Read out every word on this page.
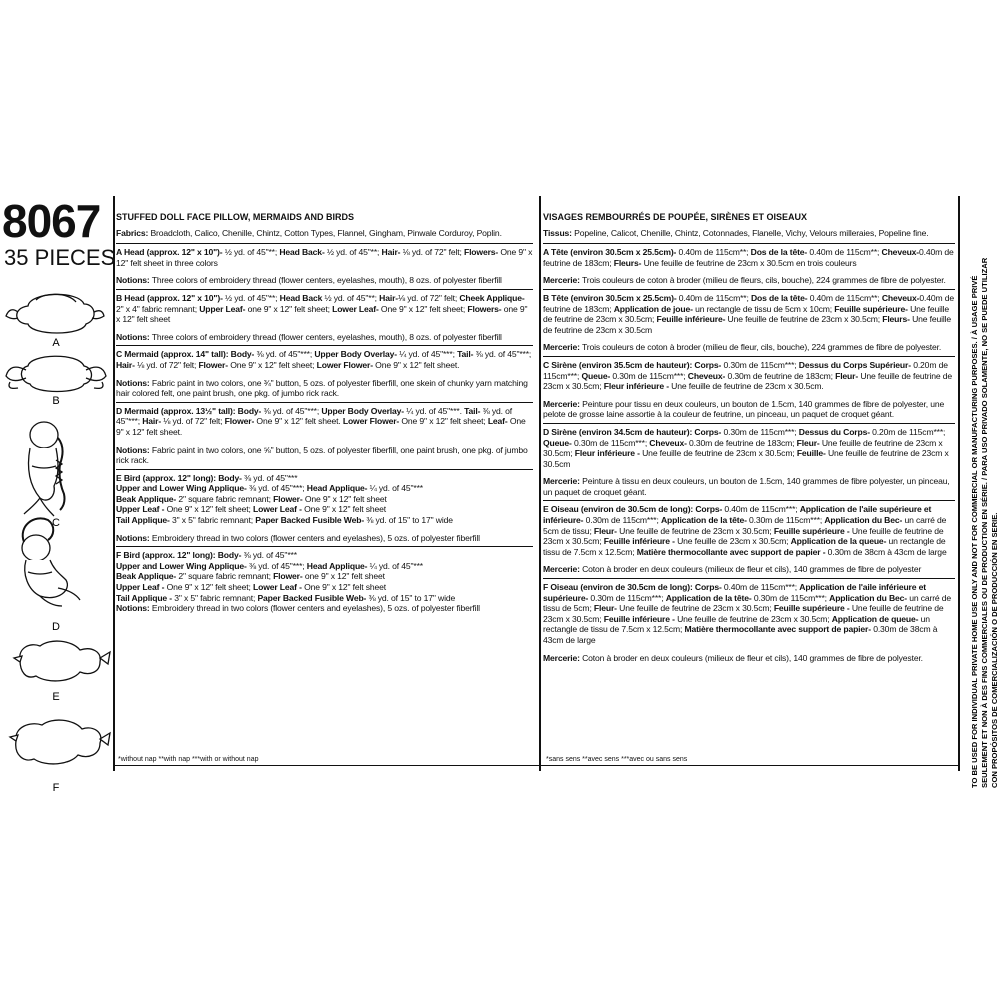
8067
35 PIECES
A
B
C
D
E
F
STUFFED DOLL FACE PILLOW, MERMAIDS AND BIRDS
Fabrics: Broadcloth, Calico, Chenille, Chintz, Cotton Types, Flannel, Gingham, Pinwale Corduroy, Poplin.

A Head (approx. 12" x 10")- ½ yd. of 45"**; Head Back- ½ yd. of 45"**; Hair- ⅛ yd. of 72" felt; Flowers- One 9" x 12" felt sheet in three colors

Notions: Three colors of embroidery thread (flower centers, eyelashes, mouth), 8 ozs. of polyester fiberfill

B Head (approx. 12" x 10")- ½ yd. of 45"**; Head Back ½ yd. of 45"**; Hair-⅛ yd. of 72" felt; Cheek Applique- 2" x 4" fabric remnant; Upper Leaf- one 9" x 12" felt sheet; Lower Leaf- One 9" x 12" felt sheet; Flowers- one 9" x 12" felt sheet

Notions: Three colors of embroidery thread (flower centers, eyelashes, mouth), 8 ozs. of polyester fiberfill

C Mermaid (approx. 14" tall): Body- ⅜ yd. of 45"***; Upper Body Overlay- ¼ yd. of 45"***; Tail- ⅜ yd. of 45"***; Hair- ⅛ yd. of 72" felt; Flower- One 9" x 12" felt sheet; Lower Flower- One 9" x 12" felt sheet.

Notions: Fabric paint in two colors, one ¾" button, 5 ozs. of polyester fiberfill, one skein of chunky yarn matching hair colored felt, one paint brush, one pkg. of jumbo rick rack.

D Mermaid (approx. 13½" tall): Body- ⅜ yd. of 45"***; Upper Body Overlay- ¼ yd. of 45"***. Tail- ⅜ yd. of 45"***; Hair- ⅛ yd. of 72" felt; Flower- One 9" x 12" felt sheet. Lower Flower- One 9" x 12" felt sheet; Leaf- One 9" x 12" felt sheet.

Notions: Fabric paint in two colors, one ⅝" button, 5 ozs. of polyester fiberfill, one paint brush, one pkg. of jumbo rick rack.

E Bird (approx. 12" long): Body- ⅜ yd. of 45"***
Upper and Lower Wing Applique- ⅜ yd. of 45"***; Head Applique- ¼ yd. of 45"***
Beak Applique- 2" square fabric remnant; Flower- One 9" x 12" felt sheet
Upper Leaf - One 9" x 12" felt sheet; Lower Leaf - One 9" x 12" felt sheet
Tail Applique- 3" x 5" fabric remnant; Paper Backed Fusible Web- ⅜ yd. of 15" to 17" wide

Notions: Embroidery thread in two colors (flower centers and eyelashes), 5 ozs. of polyester fiberfill

F Bird (approx. 12" long): Body- ⅜ yd. of 45"***
Upper and Lower Wing Applique- ⅜ yd. of 45"***; Head Applique- ¼ yd. of 45"***
Beak Applique- 2" square fabric remnant; Flower- one 9" x 12" felt sheet
Upper Leaf - One 9" x 12" felt sheet; Lower Leaf - One 9" x 12" felt sheet
Tail Applique - 3" x 5" fabric remnant; Paper Backed Fusible Web- ⅜ yd. of 15" to 17" wide
Notions: Embroidery thread in two colors (flower centers and eyelashes), 5 ozs. of polyester fiberfill

VISAGES REMBOURRÉS DE POUPÉE, SIRÈNES ET OISEAUX
Tissus: Popeline, Calicot, Chenille, Chintz, Cotonnades, Flanelle, Vichy, Velours milleraies, Popeline fine.

A Tête (environ 30.5cm x 25.5cm)- 0.40m de 115cm**; Dos de la tête- 0.40m de 115cm**; Cheveux-0.40m de feutrine de 183cm; Fleurs- Une feuille de feutrine de 23cm x 30.5cm en trois couleurs

Mercerie: Trois couleurs de coton à broder (milieu de fleurs, cils, bouche), 224 grammes de fibre de polyester.

B Tête (environ 30.5cm x 25.5cm)- 0.40m de 115cm**; Dos de la tête- 0.40m de 115cm**; Cheveux-0.40m de feutrine de 183cm; Application de joue- un rectangle de tissu de 5cm x 10cm; Feuille supérieure- Une feuille de feutrine de 23cm x 30.5cm; Feuille inférieure- Une feuille de feutrine de 23cm x 30.5cm; Fleurs- Une feuille de feutrine de 23cm x 30.5cm

Mercerie: Trois couleurs de coton à broder (milieu de fleur, cils, bouche), 224 grammes de fibre de polyester.

C Sirène (environ 35.5cm de hauteur): Corps- 0.30m de 115cm***; Dessus du Corps Supérieur- 0.20m de 115cm***; Queue- 0.30m de 115cm***; Cheveux- 0.30m de feutrine de 183cm; Fleur- Une feuille de feutrine de 23cm x 30.5cm; Fleur inférieure - Une feuille de feutrine de 23cm x 30.5cm.

Mercerie: Peinture pour tissu en deux couleurs, un bouton de 1.5cm, 140 grammes de fibre de polyester, une pelote de grosse laine assortie à la couleur de feutrine, un pinceau, un paquet de croquet géant.

D Sirène (environ 34.5cm de hauteur): Corps- 0.30m de 115cm***; Dessus du Corps- 0.20m de 115cm***; Queue- 0.30m de 115cm***; Cheveux- 0.30m de feutrine de 183cm; Fleur- Une feuille de feutrine de 23cm x 30.5cm; Fleur inférieure - Une feuille de feutrine de 23cm x 30.5cm; Feuille- Une feuille de feutrine de 23cm x 30.5cm

Mercerie: Peinture à tissu en deux couleurs, un bouton de 1.5cm, 140 grammes de fibre polyester, un pinceau, un paquet de croquet géant.

E Oiseau (environ de 30.5cm de long): Corps- 0.40m de 115cm***; Application de l'aile supérieure et inférieure- 0.30m de 115cm***; Application de la tête- 0.30m de 115cm***; Application du Bec- un carré de 5cm de tissu; Fleur- Une feuille de feutrine de 23cm x 30.5cm; Feuille supérieure - Une feuille de feutrine de 23cm x 30.5cm; Feuille inférieure - Une feuille de 23cm x 30.5cm; Application de la queue- un rectangle de tissu de 7.5cm x 12.5cm; Matière thermocollante avec support de papier - 0.30m de 38cm à 43cm de large

Mercerie: Coton à broder en deux couleurs (milieux de fleur et cils), 140 grammes de fibre de polyester

F Oiseau (environ de 30.5cm de long): Corps- 0.40m de 115cm***; Application de l'aile inférieure et supérieure- 0.30m de 115cm***; Application de la tête- 0.30m de 115cm***; Application du Bec- un carré de tissu de 5cm; Fleur- Une feuille de feutrine de 23cm x 30.5cm; Feuille supérieure - Une feuille de feutrine de 23cm x 30.5cm; Feuille inférieure - Une feuille de feutrine de 23cm x 30.5cm; Application de queue- un rectangle de tissu de 7.5cm x 12.5cm; Matière thermocollante avec support de papier- 0.30m de 38cm à 43cm de large

Mercerie: Coton à broder en deux couleurs (milieux de fleur et cils), 140 grammes de fibre de polyester.

*without nap **with nap ***with or without nap	*sans sens **avec sens ***avec ou sans sens	TO BE USED FOR INDIVIDUAL PRIVATE HOME USE ONLY AND NOT FOR COMMERCIAL OR MANUFACTURING PURPOSES. / À USAGE PRIVÉ SEULEMENT ET NON À DES FINS COMMERCIALES OU DE PRODUCTION EN SÉRIE. / PARA USO PRIVADO SOLAMENTE, NO SE PUEDE UTILIZAR CON PROPÓSITOS DE COMERCIALIZACIÓN O DE PRODUCCIÓN EN SERIE.
